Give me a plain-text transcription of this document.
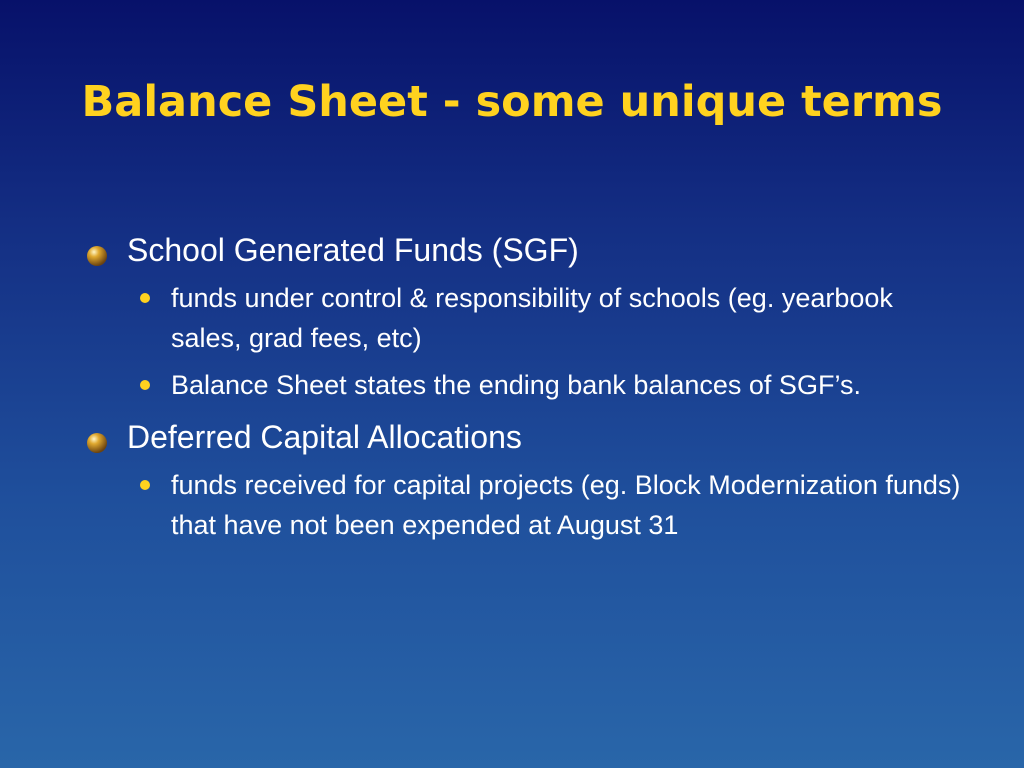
Balance Sheet - some unique terms
School Generated Funds (SGF)
funds under control & responsibility of schools (eg. yearbook sales, grad fees, etc)
Balance Sheet states the ending bank balances of SGF’s.
Deferred Capital Allocations
funds received for capital projects (eg. Block Modernization funds) that have not been expended at August 31
